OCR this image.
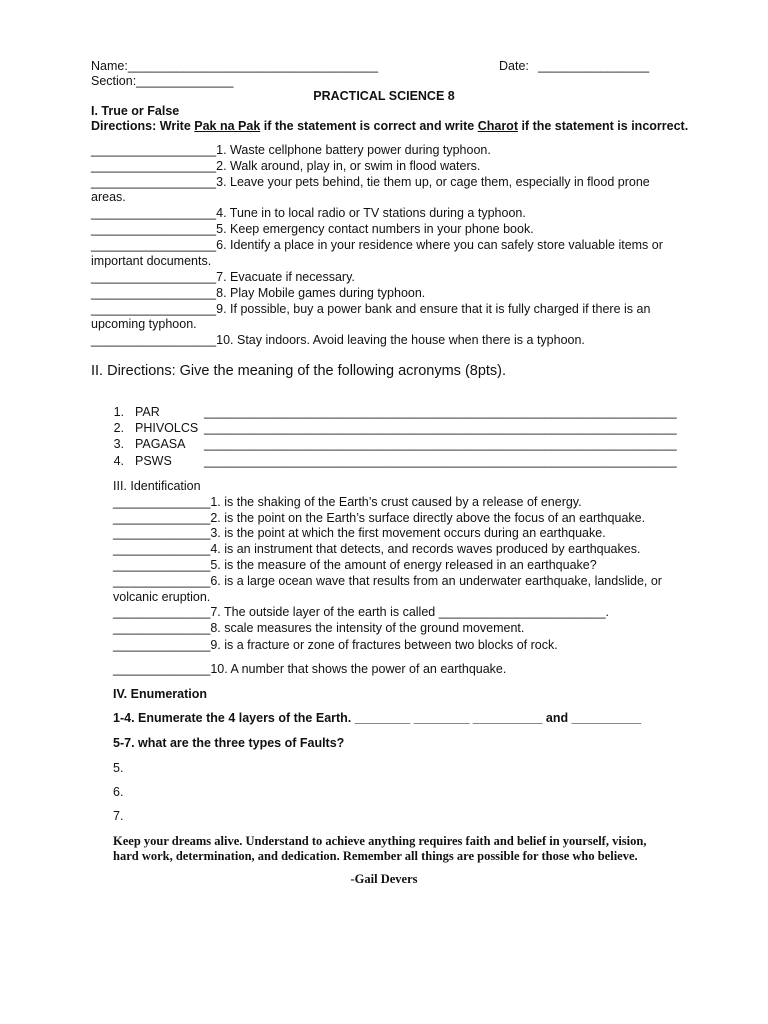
Name:____________________________________	Date: ________________
Section:______________
PRACTICAL SCIENCE 8
I. True or False
Directions: Write Pak na Pak if the statement is correct and write Charot if the statement is incorrect.
__________________1. Waste cellphone battery power during typhoon.
__________________2. Walk around, play in, or swim in flood waters.
__________________3. Leave your pets behind, tie them up, or cage them, especially in flood prone
areas.
__________________4. Tune in to local radio or TV stations during a typhoon.
__________________5. Keep emergency contact numbers in your phone book.
__________________6. Identify a place in your residence where you can safely store valuable items or
important documents.
__________________7. Evacuate if necessary.
__________________8. Play Mobile games during typhoon.
__________________9. If possible, buy a power bank and ensure that it is fully charged if there is an
upcoming typhoon.
__________________10. Stay indoors. Avoid leaving the house when there is a typhoon.
II. Directions: Give the meaning of the following acronyms (8pts).
1. PAR	____________________________________________________________________
2. PHIVOLCS ____________________________________________________________________
3. PAGASA ____________________________________________________________________
4. PSWS	____________________________________________________________________
III. Identification
______________1. is the shaking of the Earth’s crust caused by a release of energy.
______________2. is the point on the Earth’s surface directly above the focus of an earthquake.
______________3. is the point at which the first movement occurs during an earthquake.
______________4. is an instrument that detects, and records waves produced by earthquakes.
______________5. is the measure of the amount of energy released in an earthquake?
______________6. is a large ocean wave that results from an underwater earthquake, landslide, or
volcanic eruption.
______________7. The outside layer of the earth is called ________________________.
______________8. scale measures the intensity of the ground movement.
______________9. is a fracture or zone of fractures between two blocks of rock.
______________10. A number that shows the power of an earthquake.
IV. Enumeration
1-4. Enumerate the 4 layers of the Earth. ________ ________ __________ and __________
5-7. what are the three types of Faults?
5.
6.
7.
Keep your dreams alive. Understand to achieve anything requires faith and belief in yourself, vision,
hard work, determination, and dedication. Remember all things are possible for those who believe.
-Gail Devers
